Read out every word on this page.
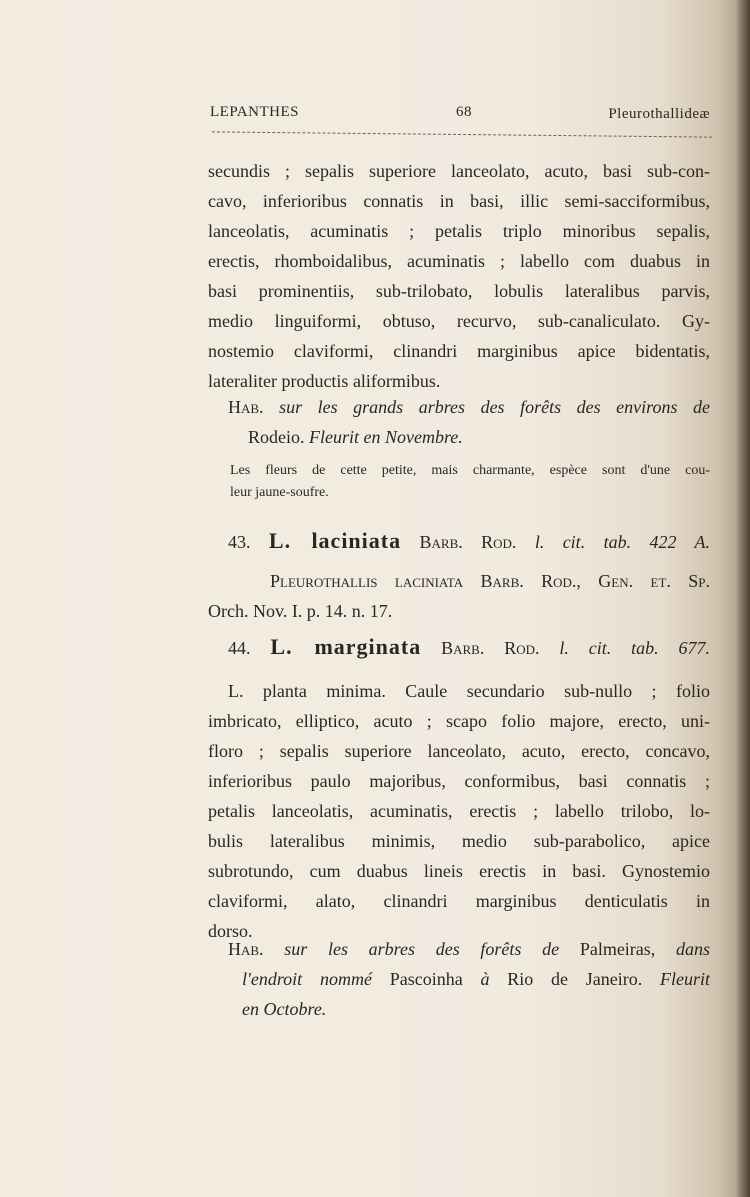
LEPANTHES	68	Pleurothallideæ
secundis ; sepalis superiore lanceolato, acuto, basi sub-con-
cavo, inferioribus connatis in basi, illic semi-sacciformibus,
lanceolatis, acuminatis ; petalis triplo minoribus sepalis,
erectis, rhomboidalibus, acuminatis ; labello com duabus in
basi prominentiis, sub-trilobato, lobulis lateralibus parvis,
medio linguiformi, obtuso, recurvo, sub-canaliculato. Gy-
nostemio claviformi, clinandri marginibus apice bidentatis,
lateraliter productis aliformibus.
Hab. sur les grands arbres des forêts des environs de
Rodeio. Fleurit en Novembre.
Les fleurs de cette petite, mais charmante, espèce sont d'une cou-
leur jaune-soufre.
43. L. laciniata Barb. Rod. l. cit. tab. 422 A.
Pleurothallis laciniata Barb. Rod., Gen. et. Sp.
Orch. Nov. I. p. 14. n. 17.
44. L. marginata Barb. Rod. l. cit. tab. 677.
L. planta minima. Caule secundario sub-nullo ; folio
imbricato, elliptico, acuto ; scapo folio majore, erecto, uni-
floro ; sepalis superiore lanceolato, acuto, erecto, concavo,
inferioribus paulo majoribus, conformibus, basi connatis ;
petalis lanceolatis, acuminatis, erectis ; labello trilobo, lo-
bulis lateralibus minimis, medio sub-parabolico, apice
subrotundo, cum duabus lineis erectis in basi. Gynostemio
claviformi, alato, clinandri marginibus denticulatis in
dorso.
Hab. sur les arbres des forêts de Palmeiras, dans
l'endroit nommé Pascoinha à Rio de Janeiro. Fleurit
en Octobre.
